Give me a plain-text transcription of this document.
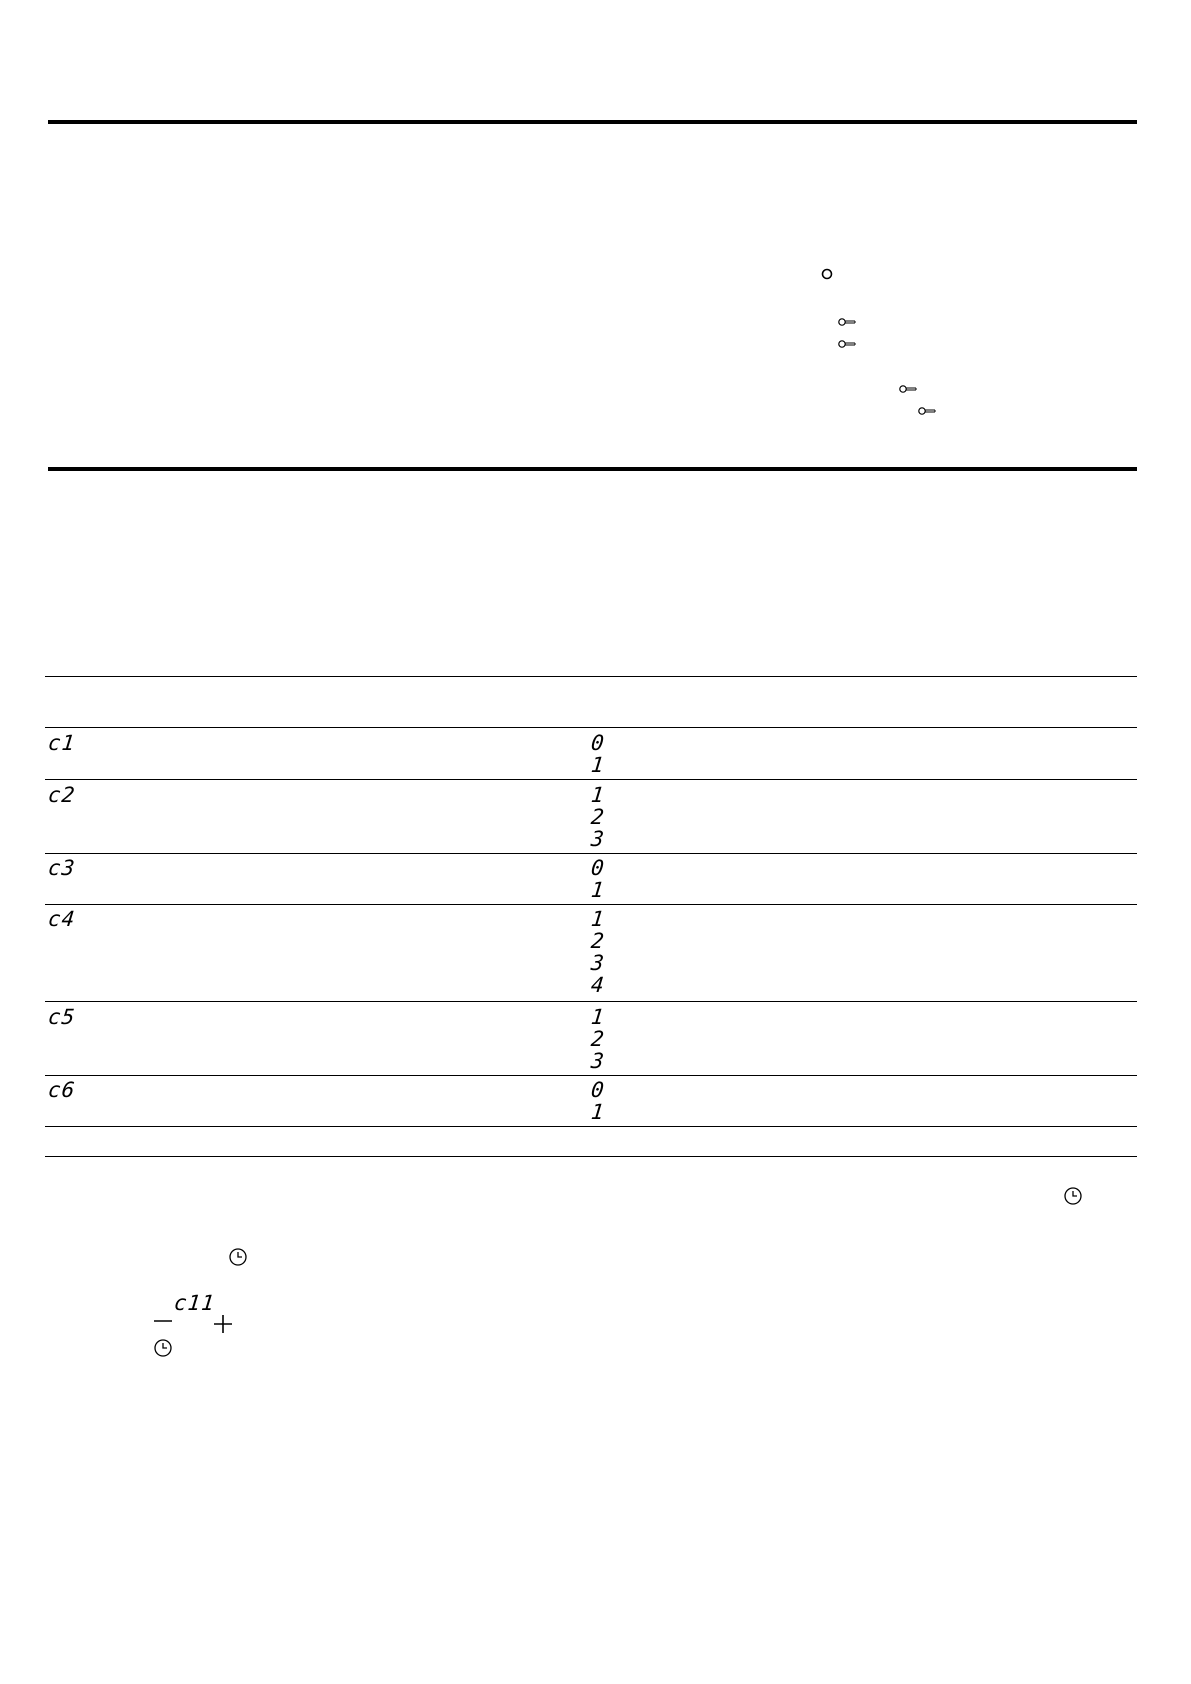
c1	0
1
c2	1
2
3
c3	0
1
c4	1
2
3
4
c5	1
2
3
c6	0
1
c11
